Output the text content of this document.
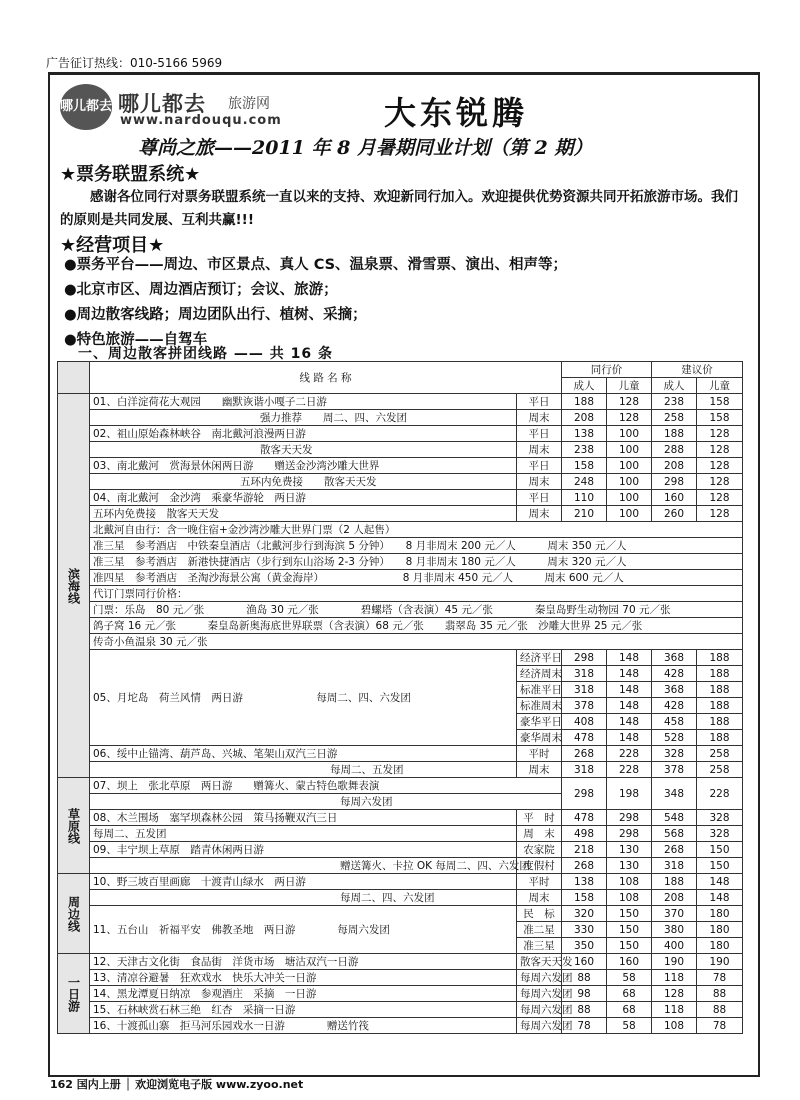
广告征订热线：010-5166 5969
哪儿都去 哪儿都去 旅游网
www.nardouqu.com	大东锐腾
尊尚之旅——2011 年 8 月暑期同业计划（第 2 期）
★票务联盟系统★
感谢各位同行对票务联盟系统一直以来的支持、欢迎新同行加入。欢迎提供优势资源共同开拓旅游市场。我们的原则是共同发展、互利共赢!!!
★经营项目★
●票务平台——周边、市区景点、真人 CS、温泉票、滑雪票、演出、相声等；
●北京市区、周边酒店预订；会议、旅游；
●周边散客线路；周边团队出行、植树、采摘；
●特色旅游——自驾车
一、周边散客拼团线路 —— 共 16 条
	线 路 名 称		同行价		建议价	
			成人	儿童	成人	儿童
滨海线	01、白洋淀荷花大观园　　幽默诙谐小嘎子二日游	平日	188	128	238	158
	强力推荐　　周二、四、六发团	周末	208	128	258	158
	02、祖山原始森林峡谷　南北戴河浪漫两日游	平日	138	100	188	128
	散客天天发	周末	238	100	288	128
	03、南北戴河　赏海景休闲两日游　　赠送金沙湾沙雕大世界	平日	158	100	208	128
	五环内免费接　　散客天天发	周末	248	100	298	128
	04、南北戴河　金沙湾　乘豪华游轮　两日游	平日	110	100	160	128
	五环内免费接　散客天天发	周末	210	100	260	128
	北戴河自由行：含一晚住宿+金沙湾沙雕大世界门票（2 人起售）					
	准三星　参考酒店　中铁秦皇酒店（北戴河步行到海滨 5 分钟）　　8 月非周末 200 元／人　　　周末 350 元／人					
	准三星　参考酒店　新港快捷酒店（步行到东山浴场 2-3 分钟）　　8 月非周末 180 元／人　　　周末 320 元／人					
	准四星　参考酒店　圣淘沙海景公寓（黄金海岸）　　　　　　　　8 月非周末 450 元／人　　　周末 600 元／人					
	代订门票同行价格：					
	门票：乐岛　80 元／张　　　　渔岛 30 元／张　　　　碧螺塔（含表演）45 元／张　　　　秦皇岛野生动物园 70 元／张					
	鸽子窝 16 元／张　　　秦皇岛新奥海底世界联票（含表演）68 元／张　　翡翠岛 35 元／张　沙雕大世界 25 元／张					
	传奇小鱼温泉 30 元／张					
	05、月坨岛　荷兰风情　两日游　　　　　　　每周二、四、六发团	经济平日	298	148	368	188
		经济周末	318	148	428	188
		标准平日	318	148	368	188
		标准周末	378	148	428	188
		豪华平日	408	148	458	188
		豪华周末	478	148	528	188
	06、绥中止锚湾、葫芦岛、兴城、笔架山双汽三日游	平时	268	228	328	258
	每周二、五发团	周末	318	228	378	258
草原线	07、坝上　张北草原　两日游　　赠篝火、蒙古特色歌舞表演		298	198	348	228
	每周六发团					
	08、木兰围场　塞罕坝森林公园　策马扬鞭双汽三日	平　时	478	298	548	328
	每周二、五发团	周　末	498	298	568	328
	09、丰宁坝上草原　踏青休闲两日游	农家院	218	130	268	150
	赠送篝火、卡拉 OK 每周二、四、六发团	度假村	268	130	318	150
周边线	10、野三坡百里画廊　十渡青山绿水　两日游	平时	138	108	188	148
	每周二、四、六发团	周末	158	108	208	148
	11、五台山　祈福平安　佛教圣地　两日游　　　　每周六发团	民　标	320	150	370	180
		准二星	330	150	380	180
		准三星	350	150	400	180
一日游	12、天津古文化街　食品街　洋货市场　塘沽双汽一日游	散客天天发	160	160	190	190
	13、清凉谷避暑　狂欢戏水　快乐大冲关一日游	每周六发团	88	58	118	78
	14、黑龙潭夏日纳凉　参观酒庄　采摘　一日游	每周六发团	98	68	128	88
	15、石林峡赏石林三绝　红杏　采摘一日游	每周六发团	88	68	118	88
	16、十渡孤山寨　拒马河乐园戏水一日游　　　　赠送竹筏	每周六发团	78	58	108	78
162 国内上册 │ 欢迎浏览电子版 www.zyoo.net
